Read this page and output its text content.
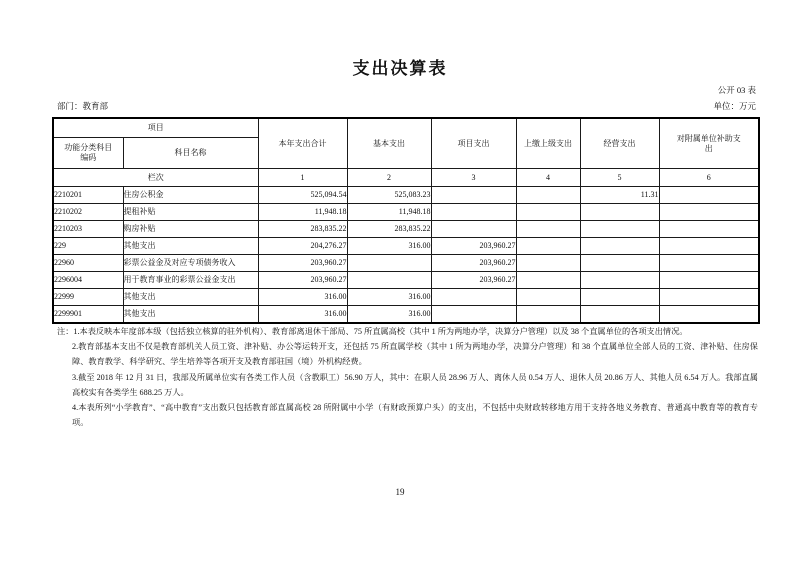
支出决算表
公开 03 表
部门：教育部	单位：万元
项目		本年支出合计	基本支出	项目支出	上缴上级支出	经营支出	对附属单位补助支出
功能分类科目编码	科目名称						
栏次		1	2	3	4	5	6
2210201	住房公积金	525,094.54	525,083.23			11.31	
2210202	提租补贴	11,948.18	11,948.18				
2210203	购房补贴	283,835.22	283,835.22				
229	其他支出	204,276.27	316.00	203,960.27			
22960	彩票公益金及对应专项债务收入	203,960.27		203,960.27			
2296004	用于教育事业的彩票公益金支出	203,960.27		203,960.27			
22999	其他支出	316.00	316.00				
2299901	其他支出	316.00	316.00				

注：1.本表反映本年度部本级（包括独立核算的驻外机构）、教育部离退休干部局、75 所直属高校（其中 1 所为两地办学，决算分户管理）以及 38 个直属单位的各项支出情况。

2.教育部基本支出不仅是教育部机关人员工资、津补贴、办公等运转开支，还包括 75 所直属学校（其中 1 所为两地办学，决算分户管理）和 38 个直属单位全部人员的工资、津补贴、住房保障、教育教学、科学研究、学生培养等各项开支及教育部驻国（境）外机构经费。

3.截至 2018 年 12 月 31 日，我部及所属单位实有各类工作人员（含教职工）56.90 万人，其中：在职人员 28.96 万人、离休人员 0.54 万人、退休人员 20.86 万人、其他人员 6.54 万人。我部直属高校实有各类学生 688.25 万人。

4.本表所列“小学教育”、“高中教育”支出数只包括教育部直属高校 28 所附属中小学（有财政预算户头）的支出，不包括中央财政转移地方用于支持各地义务教育、普通高中教育等的教育专项。

19
